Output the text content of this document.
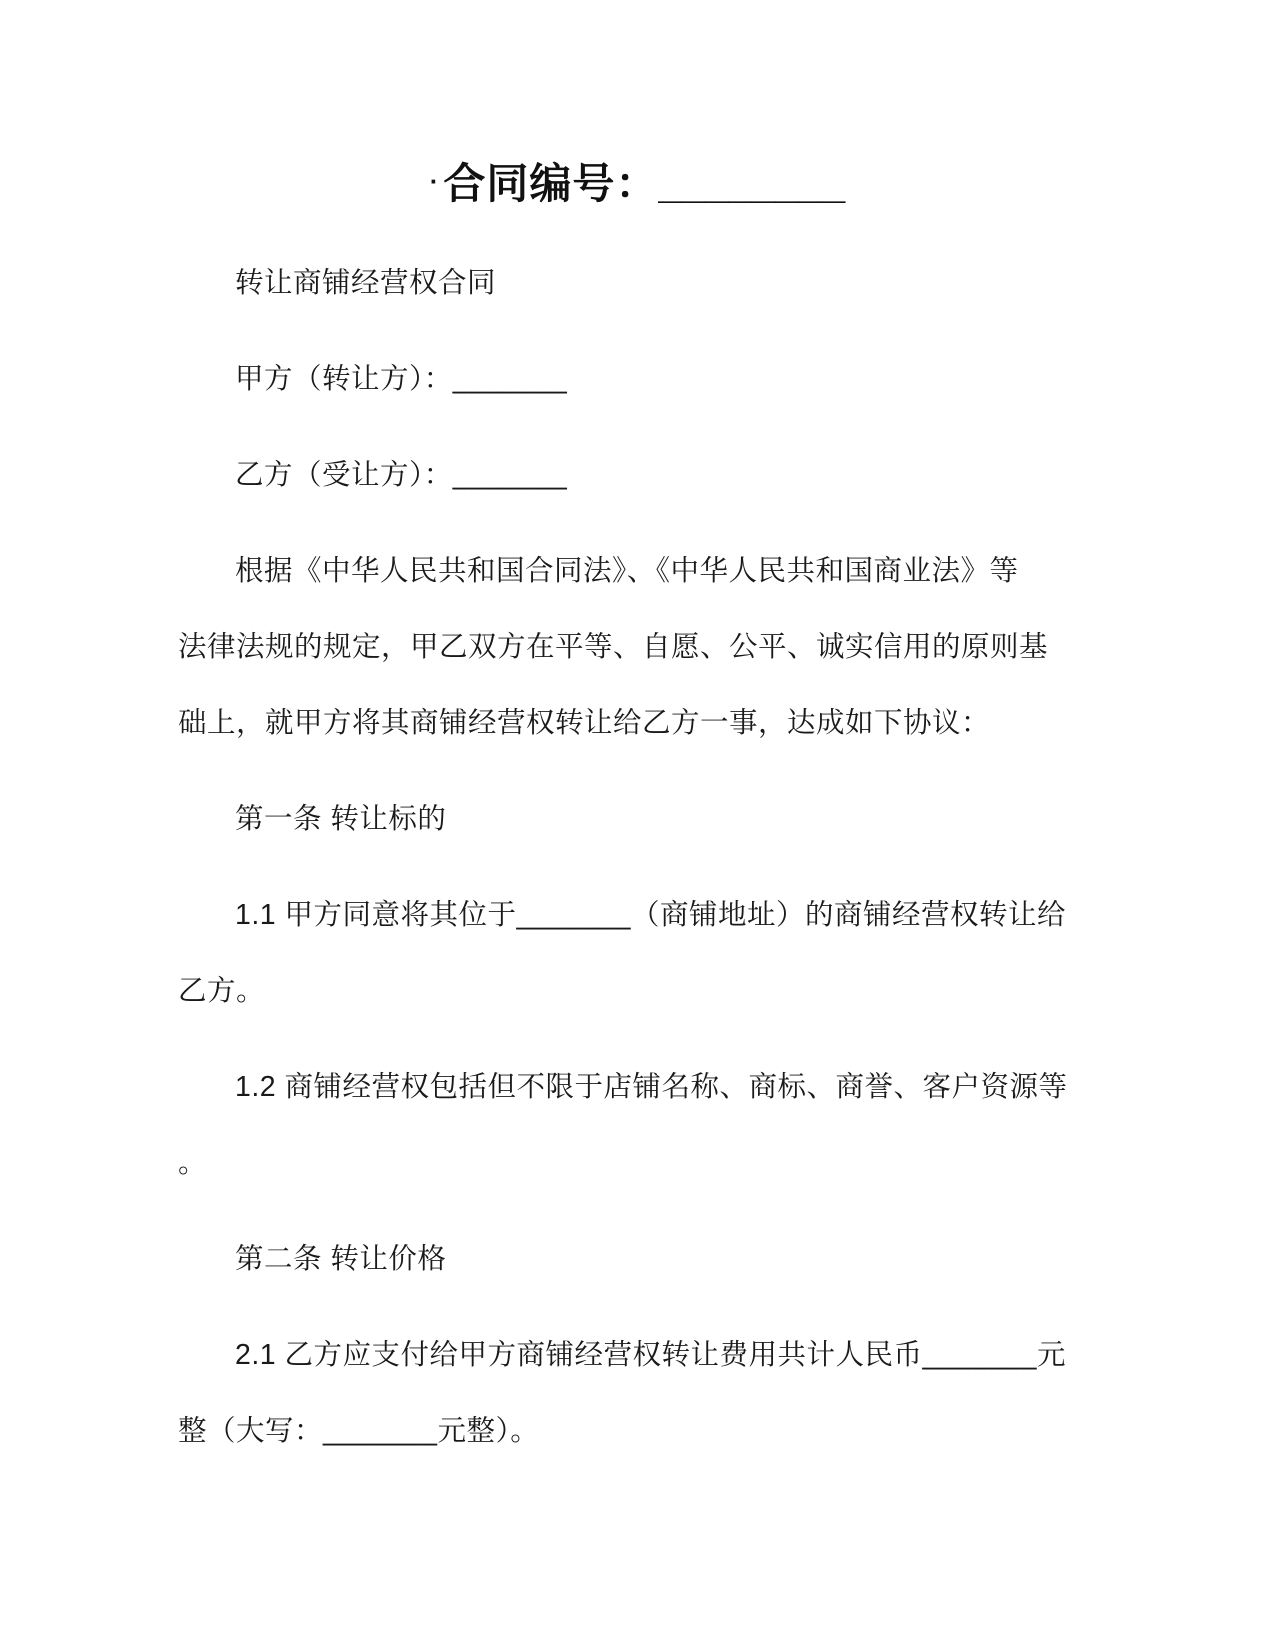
·合同编号：________
转让商铺经营权合同
甲方（转让方）：_______
乙方（受让方）：_______
根据《中华人民共和国合同法》、《中华人民共和国商业法》等
法律法规的规定，甲乙双方在平等、自愿、公平、诚实信用的原则基
础上，就甲方将其商铺经营权转让给乙方一事，达成如下协议：
第一条 转让标的
1.1 甲方同意将其位于_______（商铺地址）的商铺经营权转让给
乙方。
1.2 商铺经营权包括但不限于店铺名称、商标、商誉、客户资源等
。
第二条 转让价格
2.1 乙方应支付给甲方商铺经营权转让费用共计人民币_______元
整（大写：_______元整）。
